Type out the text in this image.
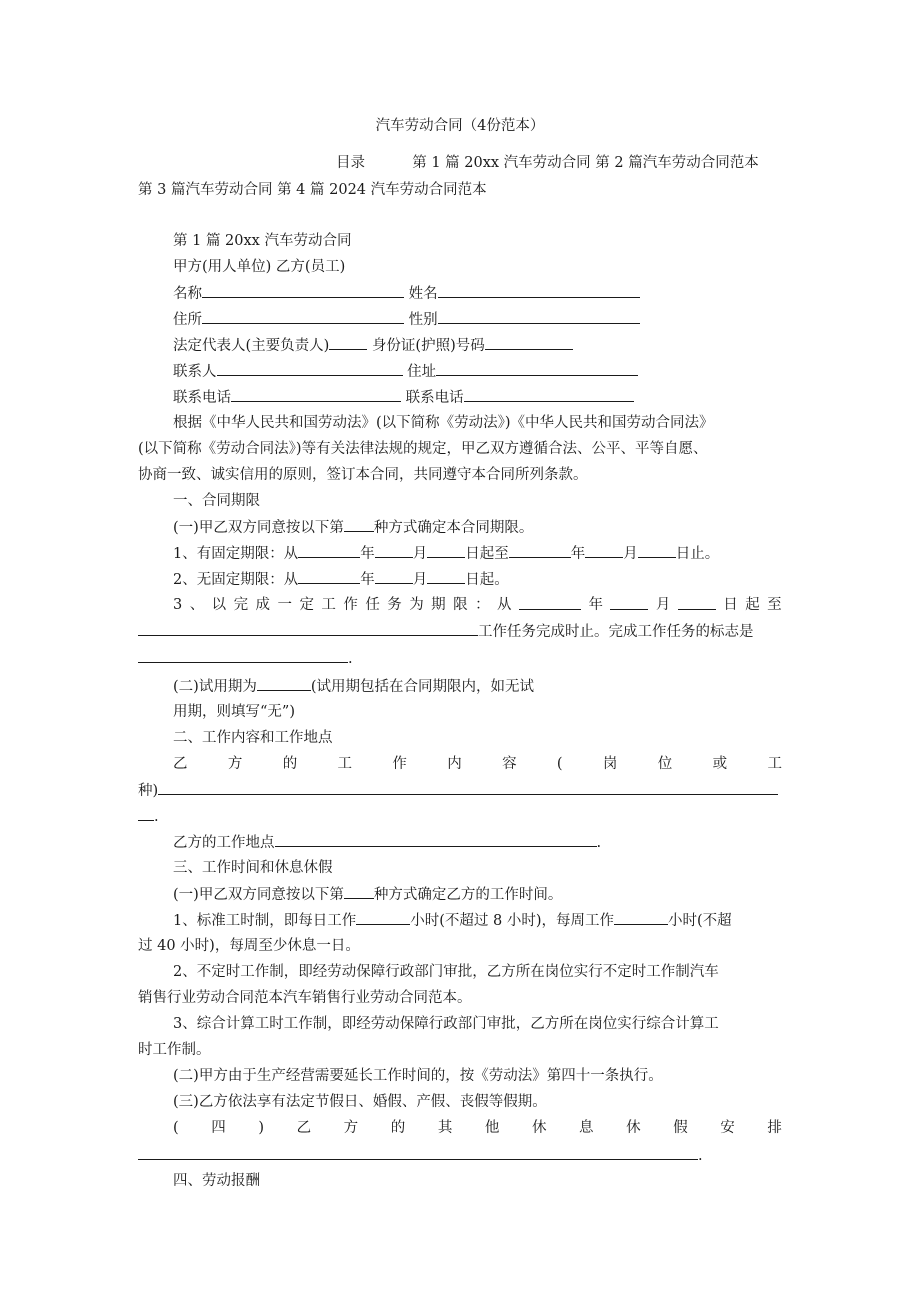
汽车劳动合同（4份范本）
目录	第 1 篇 20xx 汽车劳动合同 第 2 篇汽车劳动合同范本
第 3 篇汽车劳动合同 第 4 篇 2024 汽车劳动合同范本
第 1 篇 20xx 汽车劳动合同
甲方(用人单位) 乙方(员工)
名称	姓名
住所	性别
法定代表人(主要负责人)	身份证(护照)号码
联系人	住址
联系电话	联系电话
根据《中华人民共和国劳动法》(以下简称《劳动法》)《中华人民共和国劳动合同法》
(以下简称《劳动合同法》)等有关法律法规的规定，甲乙双方遵循合法、公平、平等自愿、
协商一致、诚实信用的原则，签订本合同，共同遵守本合同所列条款。
一、合同期限
(一)甲乙双方同意按以下第 种方式确定本合同期限。
1、有固定期限：从	年	月	日起至	年	月	日止。
2、无固定期限：从	年	月	日起。
3 、 以 完 成 一 定 工 作 任 务 为 期 限 ： 从	年	月	日 起 至
工作任务完成时止。完成工作任务的标志是
.
(二)试用期为	(试用期包括在合同期限内，如无试
用期，则填写“无”)
二、工作内容和工作地点
乙	方	的	工	作	内	容	(	岗	位	或	工
种)
.
乙方的工作地点	.
三、工作时间和休息休假
(一)甲乙双方同意按以下第 种方式确定乙方的工作时间。
1、标准工时制，即每日工作	小时(不超过 8 小时)，每周工作	小时(不超
过 40 小时)，每周至少休息一日。
2、不定时工作制，即经劳动保障行政部门审批，乙方所在岗位实行不定时工作制汽车
销售行业劳动合同范本汽车销售行业劳动合同范本。
3、综合计算工时工作制，即经劳动保障行政部门审批，乙方所在岗位实行综合计算工
时工作制。
(二)甲方由于生产经营需要延长工作时间的，按《劳动法》第四十一条执行。
(三)乙方依法享有法定节假日、婚假、产假、丧假等假期。
( 四 ) 乙 方 的 其 他 休 息 休 假 安 排
.
四、劳动报酬
